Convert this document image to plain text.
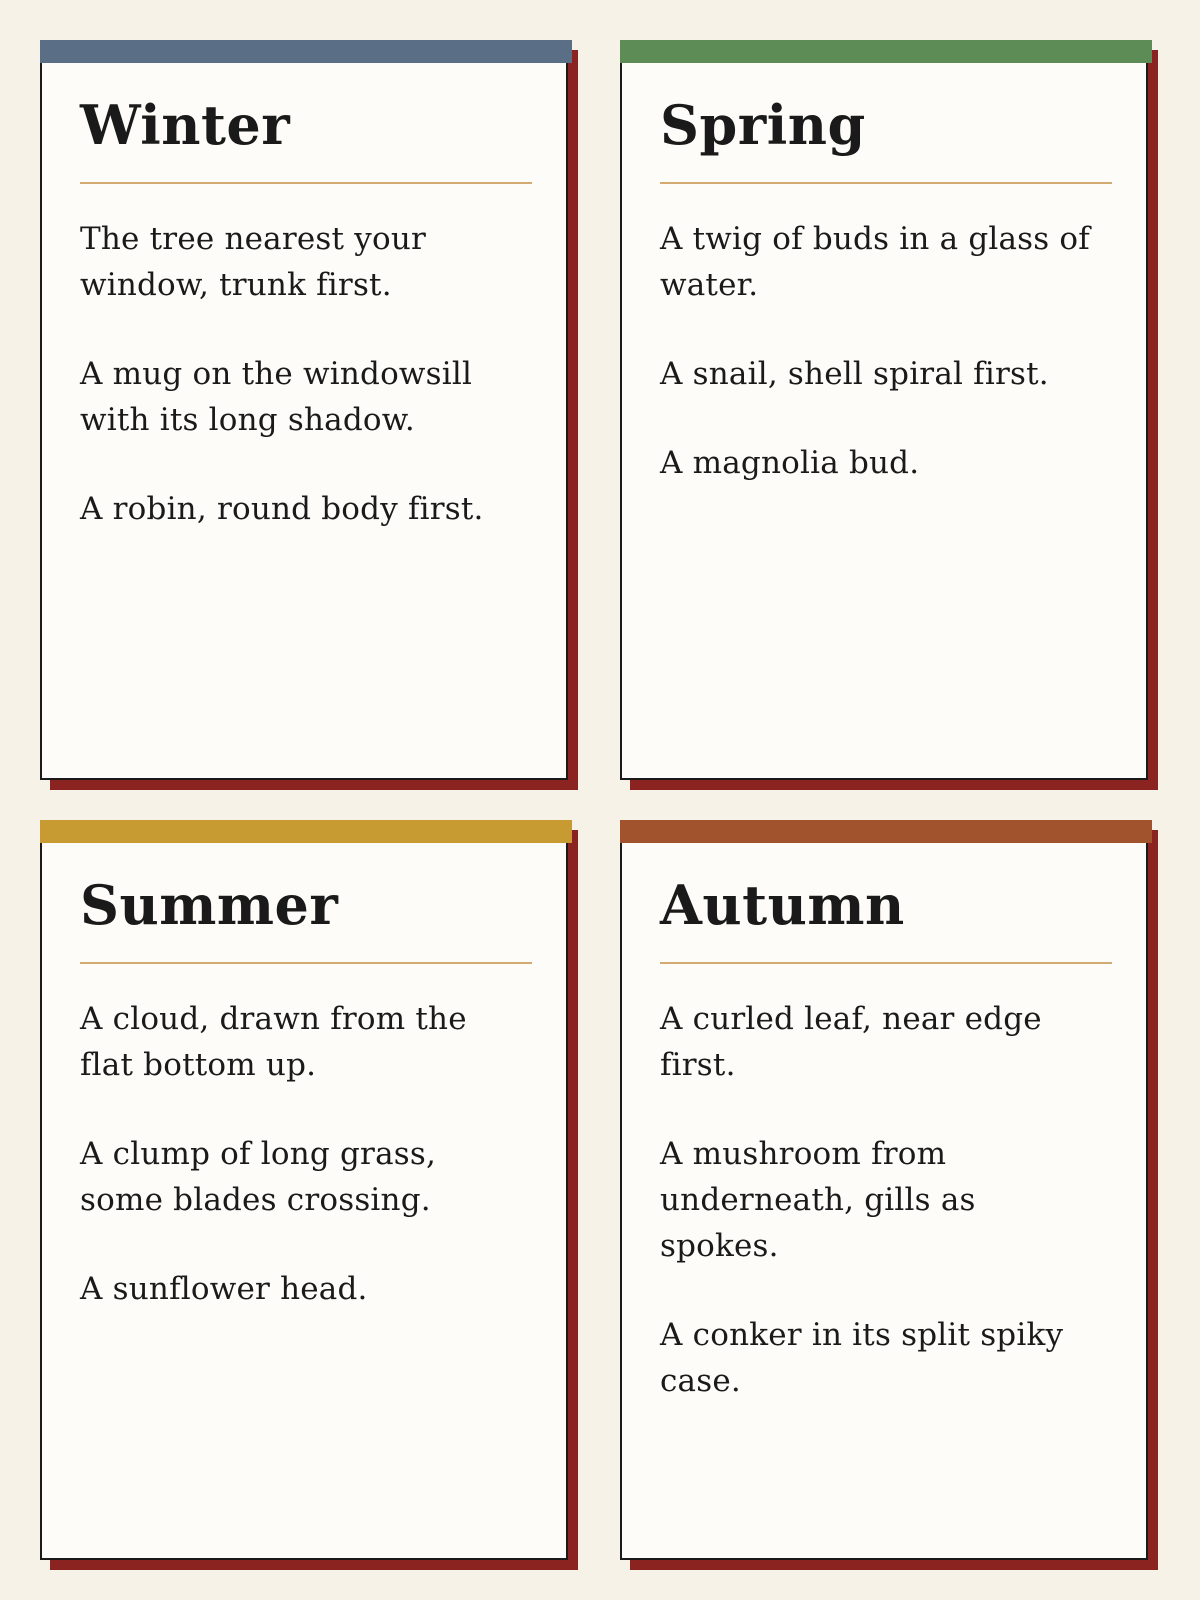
Winter
The tree nearest your window, trunk first.
A mug on the windowsill with its long shadow.
A robin, round body first.
Spring
A twig of buds in a glass of water.
A snail, shell spiral first.
A magnolia bud.
Summer
A cloud, drawn from the flat bottom up.
A clump of long grass, some blades crossing.
A sunflower head.
Autumn
A curled leaf, near edge first.
A mushroom from underneath, gills as spokes.
A conker in its split spiky case.
